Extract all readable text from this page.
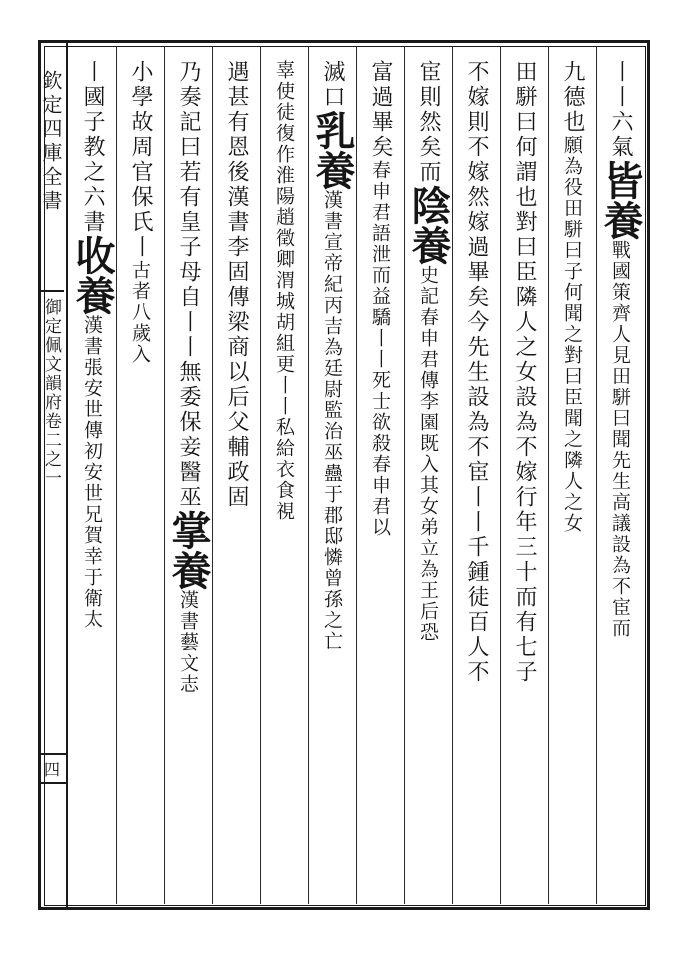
欽定四庫全書
御定佩文韻府卷二之一
四
丨丨六氣皆養戰國策齊人見田駢曰聞先生高議設為不宦而
九德也願為役田駢曰子何聞之對曰臣聞之隣人之女
田駢曰何謂也對曰臣隣人之女設為不嫁行年三十而有七子
不嫁則不嫁然嫁過畢矣今先生設為不宦丨丨千鍾徒百人不
宦則然矣而陰養史記春申君傳李園既入其女弟立為王后恐
富過畢矣春申君語泄而益驕丨丨死士欲殺春申君以
滅口乳養漢書宣帝紀丙吉為廷尉監治巫蠱于郡邸憐曾孫之亡
辜使徒復作淮陽趙徵卿渭城胡組更丨丨私給衣食視
遇甚有恩後漢書李固傳梁商以后父輔政固
乃奏記曰若有皇子母自丨丨無委保妾醫巫掌養漢書藝文志
小學故周官保氏丨古者八歲入
丨國子教之六書收養漢書張安世傳初安世兄賀幸于衛太
